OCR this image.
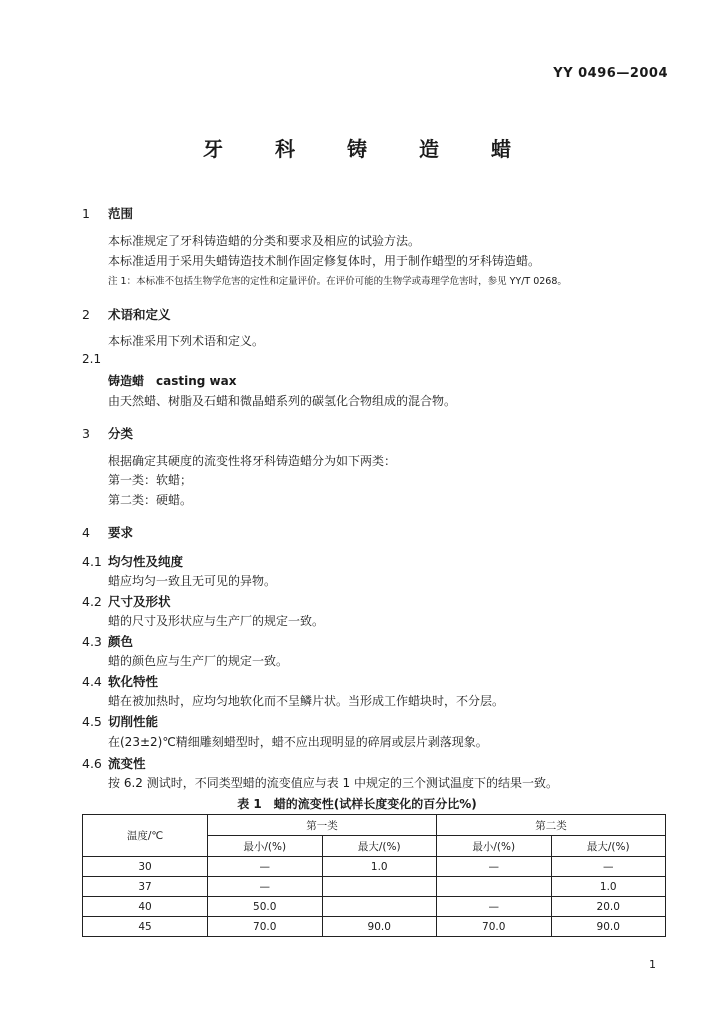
YY 0496—2004
牙	科	铸	造	蜡
1 范围
本标准规定了牙科铸造蜡的分类和要求及相应的试验方法。
本标准适用于采用失蜡铸造技术制作固定修复体时，用于制作蜡型的牙科铸造蜡。
注 1：本标准不包括生物学危害的定性和定量评价。在评价可能的生物学或毒理学危害时，参见 YY/T 0268。
2 术语和定义
本标准采用下列术语和定义。
2.1
铸造蜡　casting wax
由天然蜡、树脂及石蜡和微晶蜡系列的碳氢化合物组成的混合物。
3 分类
根据确定其硬度的流变性将牙科铸造蜡分为如下两类：
第一类：软蜡；
第二类：硬蜡。
4 要求
4.1 均匀性及纯度
蜡应均匀一致且无可见的异物。
4.2 尺寸及形状
蜡的尺寸及形状应与生产厂的规定一致。
4.3 颜色
蜡的颜色应与生产厂的规定一致。
4.4 软化特性
蜡在被加热时，应均匀地软化而不呈鳞片状。当形成工作蜡块时，不分层。
4.5 切削性能
在(23±2)℃精细雕刻蜡型时，蜡不应出现明显的碎屑或层片剥落现象。
4.6 流变性
按 6.2 测试时，不同类型蜡的流变值应与表 1 中规定的三个测试温度下的结果一致。
表 1　蜡的流变性(试样长度变化的百分比%)
温度/℃	第一类		第二类	
	最小/(%)	最大/(%)	最小/(%)	最大/(%)
30	—	1.0	—	—
37	—			1.0
40	50.0		—	20.0
45	70.0	90.0	70.0	90.0
1
